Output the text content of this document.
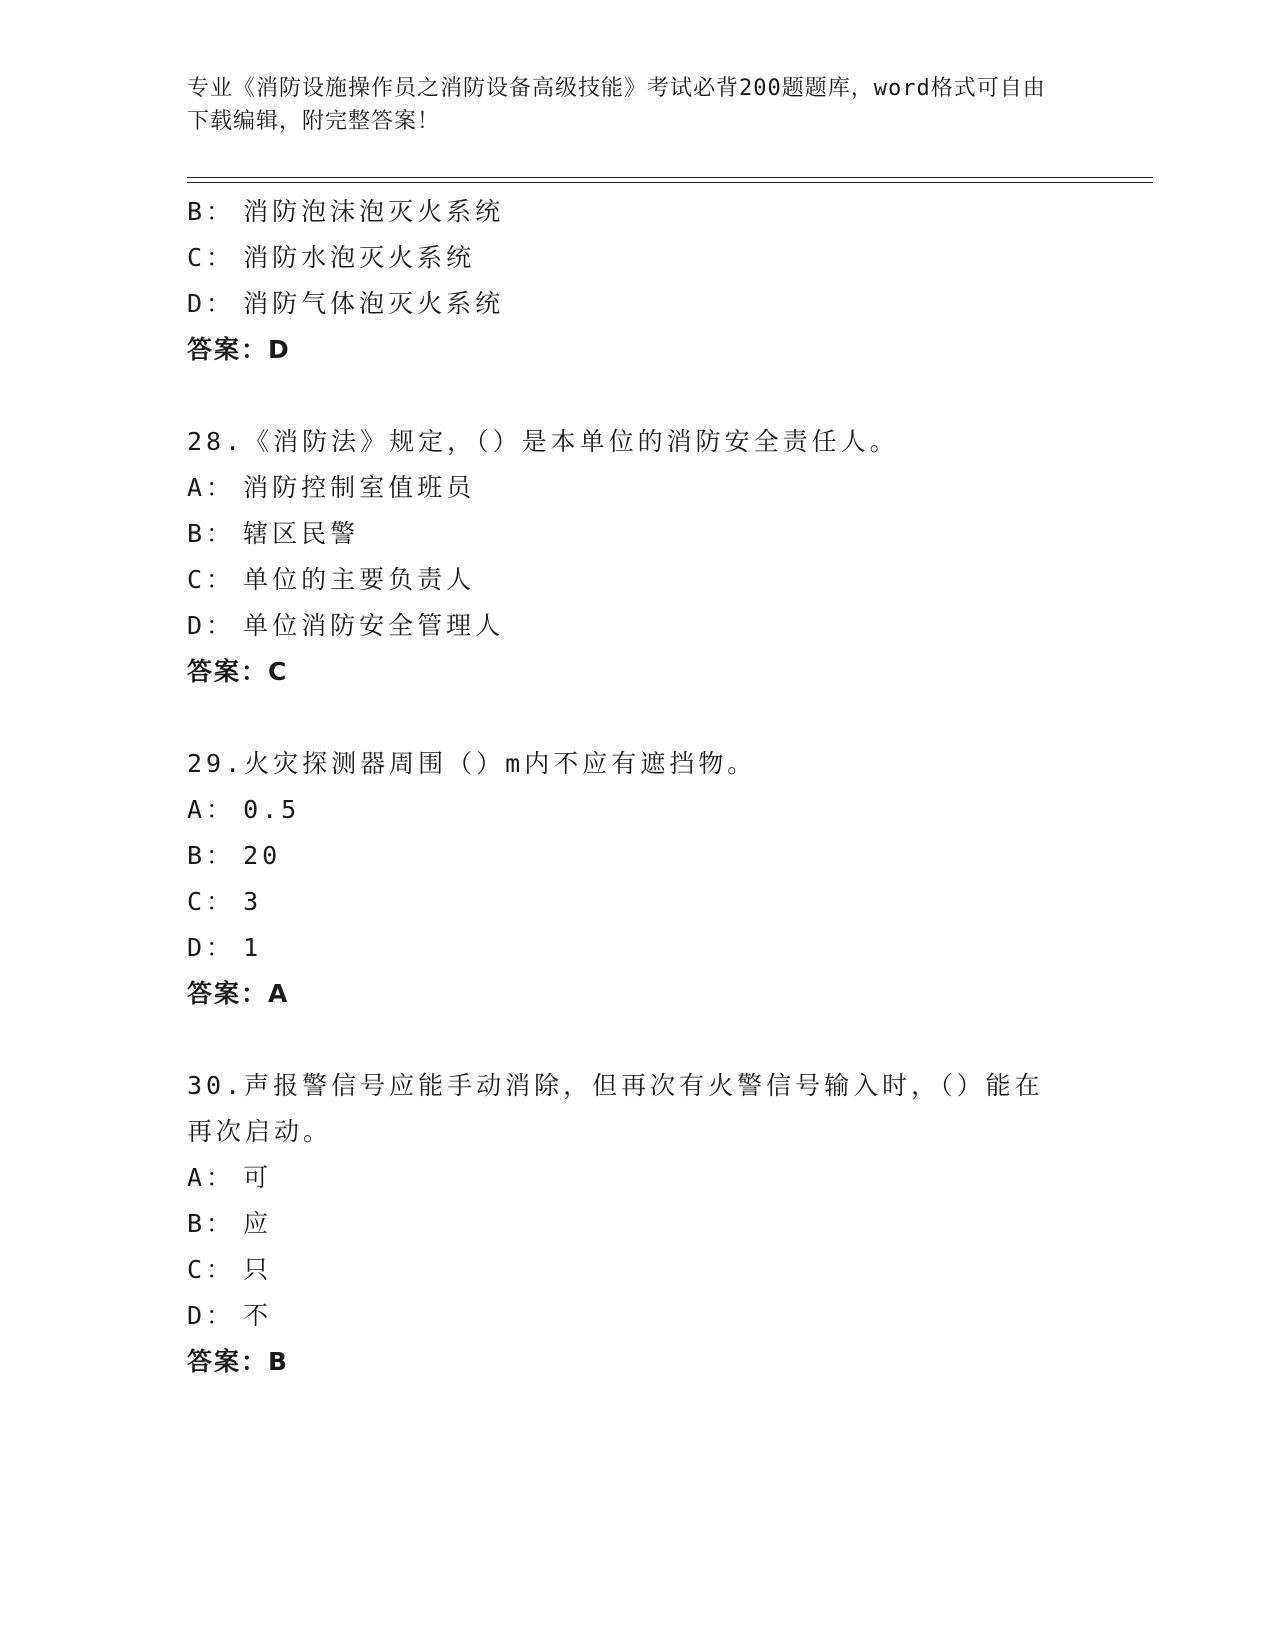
专业《消防设施操作员之消防设备高级技能》考试必背200题题库，word格式可自由下载编辑，附完整答案！
B： 消防泡沫泡灭火系统
C： 消防水泡灭火系统
D： 消防气体泡灭火系统
答案：D
28.《消防法》规定，（）是本单位的消防安全责任人。
A： 消防控制室值班员
B： 辖区民警
C： 单位的主要负责人
D： 单位消防安全管理人
答案：C
29.火灾探测器周围（）m内不应有遮挡物。
A： 0.5
B： 20
C： 3
D： 1
答案：A
30.声报警信号应能手动消除，但再次有火警信号输入时，（）能在再次启动。
A： 可
B： 应
C： 只
D： 不
答案：B
